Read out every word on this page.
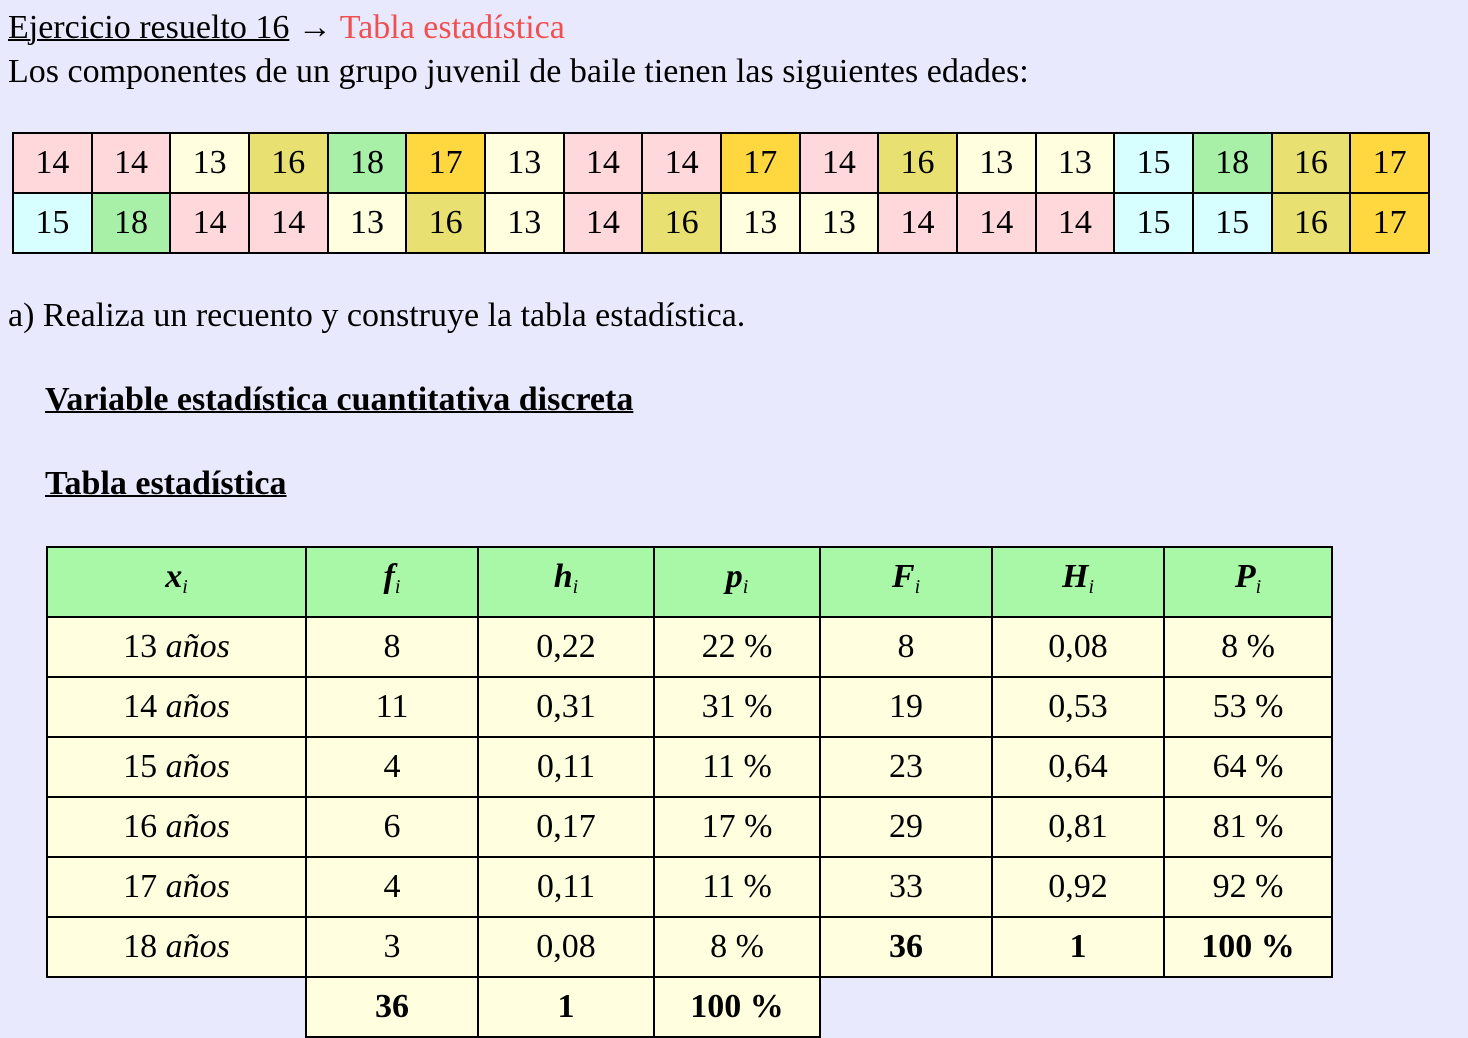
Ejercicio resuelto 16 → Tabla estadística
Los componentes de un grupo juvenil de baile tienen las siguientes edades:
14	14	13	16	18	17	13	14	14	17	14	16	13	13	15	18	16	17
15	18	14	14	13	16	13	14	16	13	13	14	14	14	15	15	16	17
a) Realiza un recuento y construye la tabla estadística.
Variable estadística cuantitativa discreta
Tabla estadística
$x_i$	$f_i$	$h_i$	$p_i$	$F_i$	$H_i$	$P_i$
13 años	8	0,22	22 %	8	0,08	8 %
14 años	11	0,31	31 %	19	0,53	53 %
15 años	4	0,11	11 %	23	0,64	64 %
16 años	6	0,17	17 %	29	0,81	81 %
17 años	4	0,11	11 %	33	0,92	92 %
18 años	3	0,08	8 %	36	1	100 %
	36	1	100 %			
